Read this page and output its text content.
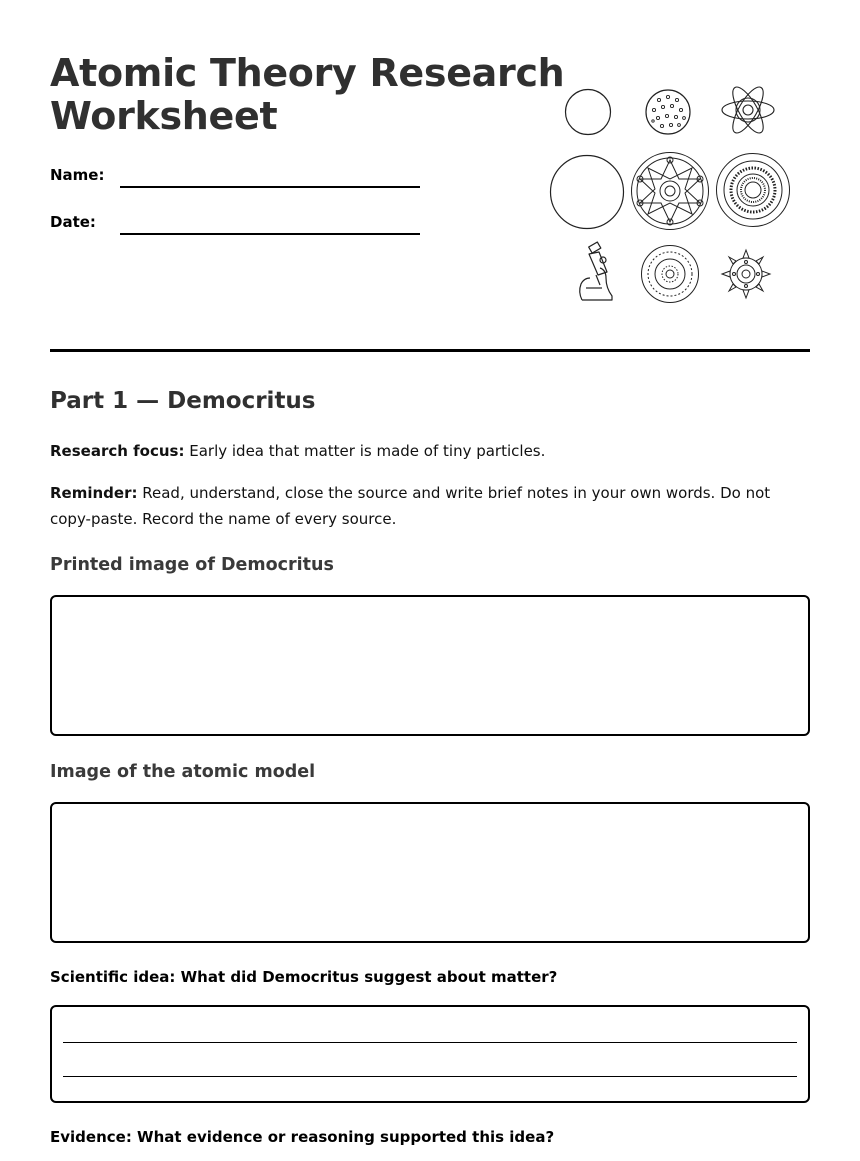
Atomic Theory Research
Worksheet
Name:
Date:
Part 1 — Democritus

Research focus: Early idea that matter is made of tiny particles.

Reminder: Read, understand, close the source and write brief notes in your own words. Do not copy-paste. Record the name of every source.

Printed image of Democritus
Image of the atomic model

Scientific idea: What did Democritus suggest about matter?

Evidence: What evidence or reasoning supported this idea?
